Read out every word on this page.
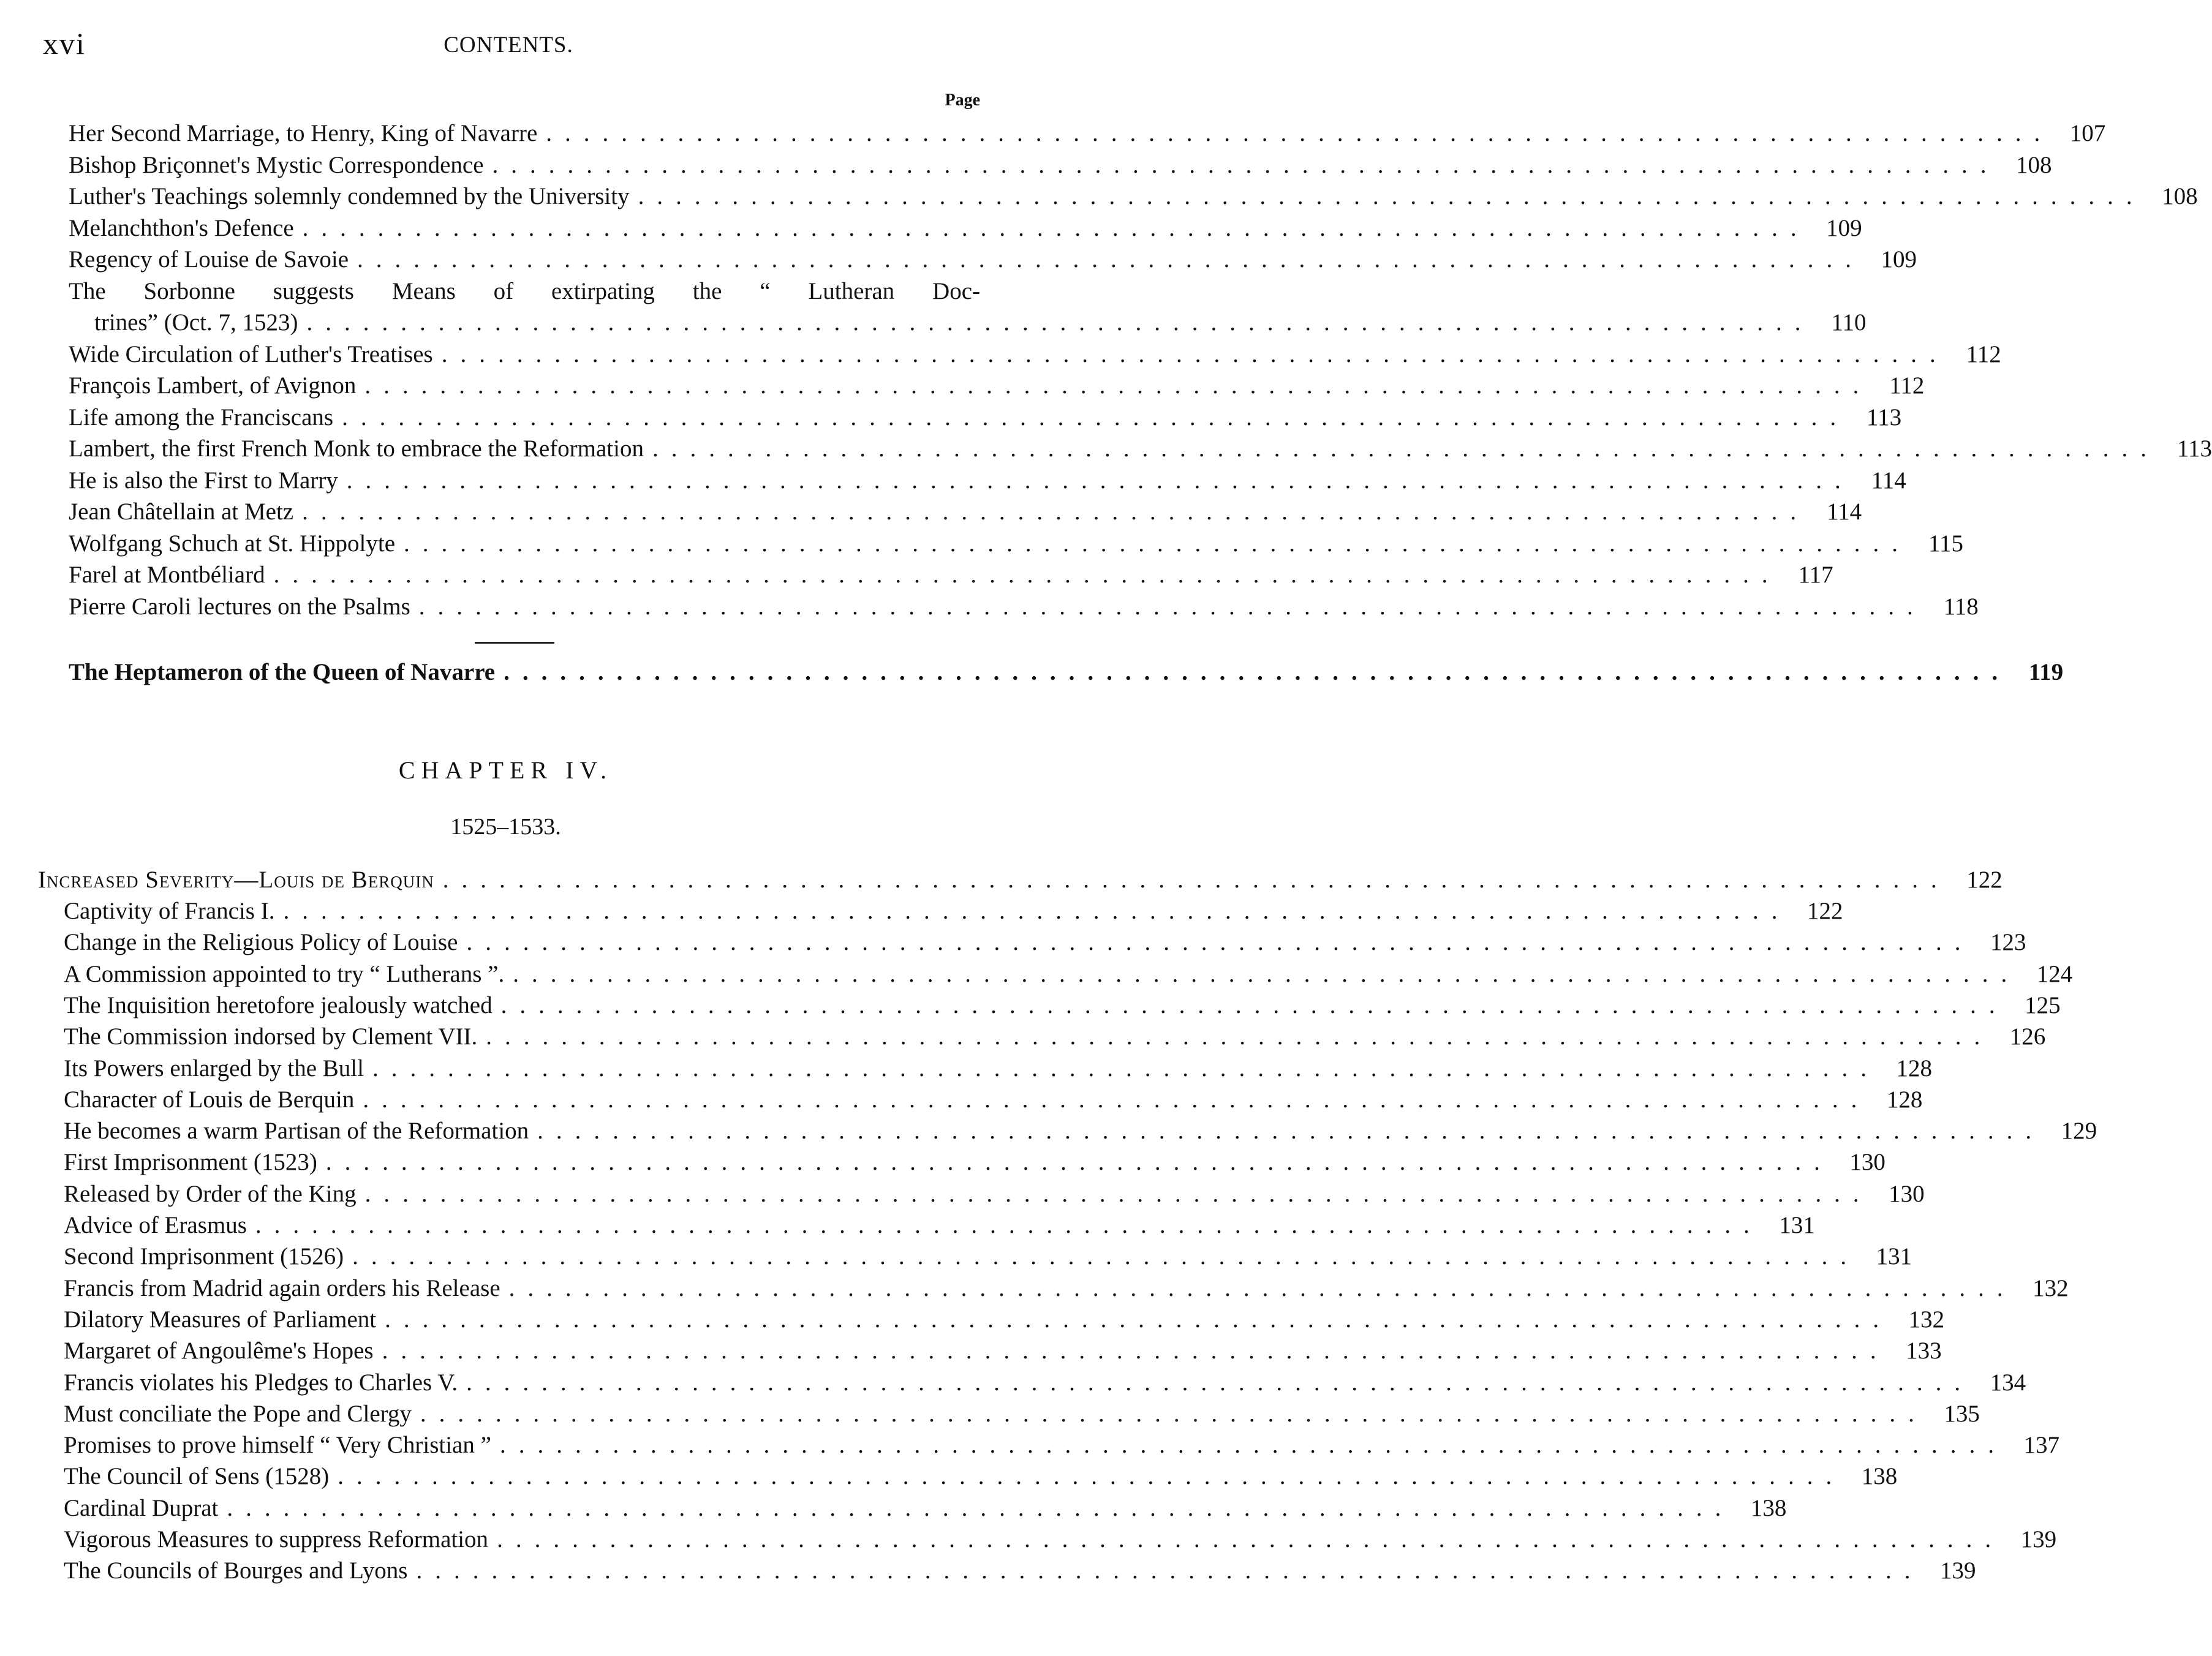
xvi	CONTENTS.
Page
Her Second Marriage, to Henry, King of Navarre ................................................................................ 107
Bishop Briçonnet's Mystic Correspondence ................................................................................ 108
Luther's Teachings solemnly condemned by the University ................................................................................ 108
Melanchthon's Defence ................................................................................ 109
Regency of Louise de Savoie ................................................................................ 109
The Sorbonne suggests Means of extirpating the “ Lutheran Doc-
trines” (Oct. 7, 1523) ................................................................................ 110
Wide Circulation of Luther's Treatises ................................................................................ 112
François Lambert, of Avignon ................................................................................ 112
Life among the Franciscans ................................................................................ 113
Lambert, the first French Monk to embrace the Reformation ................................................................................ 113
He is also the First to Marry ................................................................................ 114
Jean Châtellain at Metz ................................................................................ 114
Wolfgang Schuch at St. Hippolyte ................................................................................ 115
Farel at Montbéliard ................................................................................ 117
Pierre Caroli lectures on the Psalms ................................................................................ 118
The Heptameron of the Queen of Navarre ................................................................................ 119
CHAPTER IV.
1525–1533.
Increased Severity—Louis de Berquin ................................................................................ 122
Captivity of Francis I. ................................................................................ 122
Change in the Religious Policy of Louise ................................................................................ 123
A Commission appointed to try “ Lutherans ”. ................................................................................ 124
The Inquisition heretofore jealously watched ................................................................................ 125
The Commission indorsed by Clement VII. ................................................................................ 126
Its Powers enlarged by the Bull ................................................................................ 128
Character of Louis de Berquin ................................................................................ 128
He becomes a warm Partisan of the Reformation ................................................................................ 129
First Imprisonment (1523) ................................................................................ 130
Released by Order of the King ................................................................................ 130
Advice of Erasmus ................................................................................ 131
Second Imprisonment (1526) ................................................................................ 131
Francis from Madrid again orders his Release ................................................................................ 132
Dilatory Measures of Parliament ................................................................................ 132
Margaret of Angoulême's Hopes ................................................................................ 133
Francis violates his Pledges to Charles V. ................................................................................ 134
Must conciliate the Pope and Clergy ................................................................................ 135
Promises to prove himself “ Very Christian ” ................................................................................ 137
The Council of Sens (1528) ................................................................................ 138
Cardinal Duprat ................................................................................ 138
Vigorous Measures to suppress Reformation ................................................................................ 139
The Councils of Bourges and Lyons ................................................................................ 139
